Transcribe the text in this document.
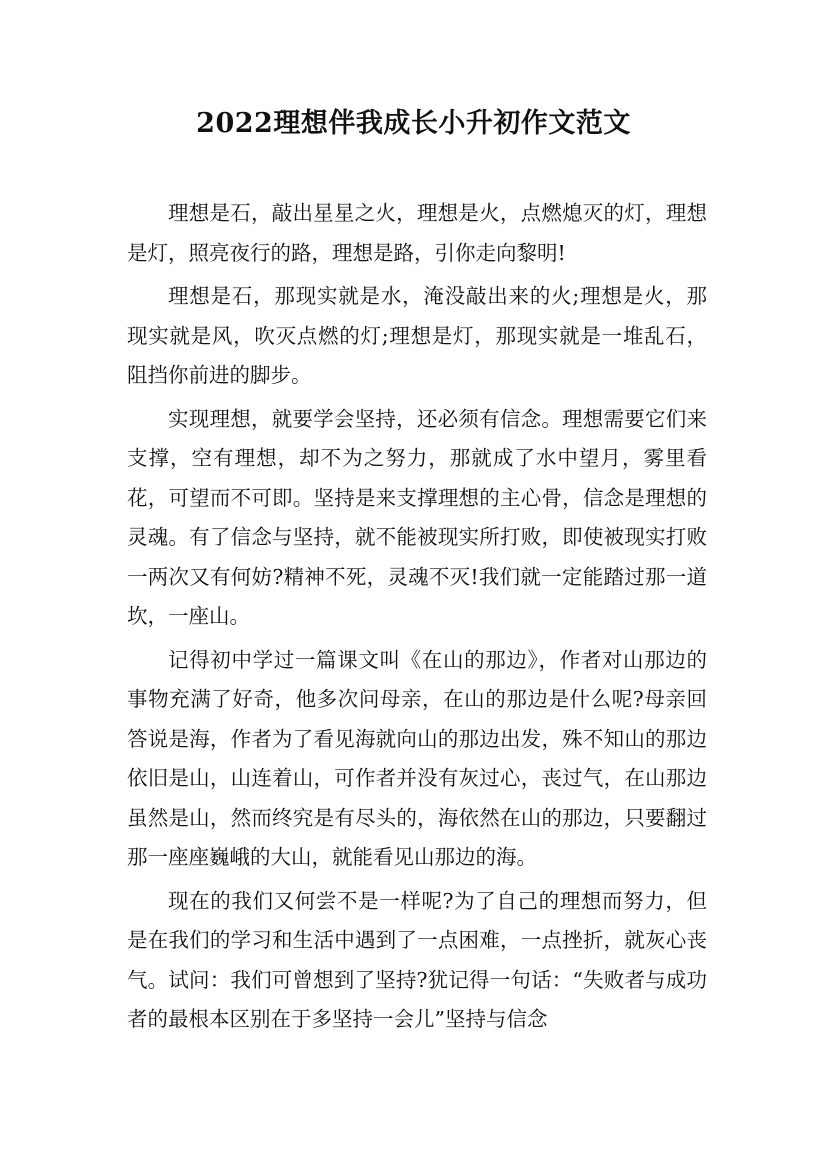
2022理想伴我成长小升初作文范文

理想是石，敲出星星之火，理想是火，点燃熄灭的灯，理想是灯，照亮夜行的路，理想是路，引你走向黎明!

理想是石，那现实就是水，淹没敲出来的火;理想是火，那现实就是风，吹灭点燃的灯;理想是灯，那现实就是一堆乱石，阻挡你前进的脚步。

实现理想，就要学会坚持，还必须有信念。理想需要它们来支撑，空有理想，却不为之努力，那就成了水中望月，雾里看花，可望而不可即。坚持是来支撑理想的主心骨，信念是理想的灵魂。有了信念与坚持，就不能被现实所打败，即使被现实打败一两次又有何妨?精神不死，灵魂不灭!我们就一定能踏过那一道坎，一座山。

记得初中学过一篇课文叫《在山的那边》，作者对山那边的事物充满了好奇，他多次问母亲，在山的那边是什么呢?母亲回答说是海，作者为了看见海就向山的那边出发，殊不知山的那边依旧是山，山连着山，可作者并没有灰过心，丧过气，在山那边虽然是山，然而终究是有尽头的，海依然在山的那边，只要翻过那一座座巍峨的大山，就能看见山那边的海。

现在的我们又何尝不是一样呢?为了自己的理想而努力，但是在我们的学习和生活中遇到了一点困难，一点挫折，就灰心丧气。试问：我们可曾想到了坚持?犹记得一句话：“失败者与成功者的最根本区别在于多坚持一会儿”坚持与信念
